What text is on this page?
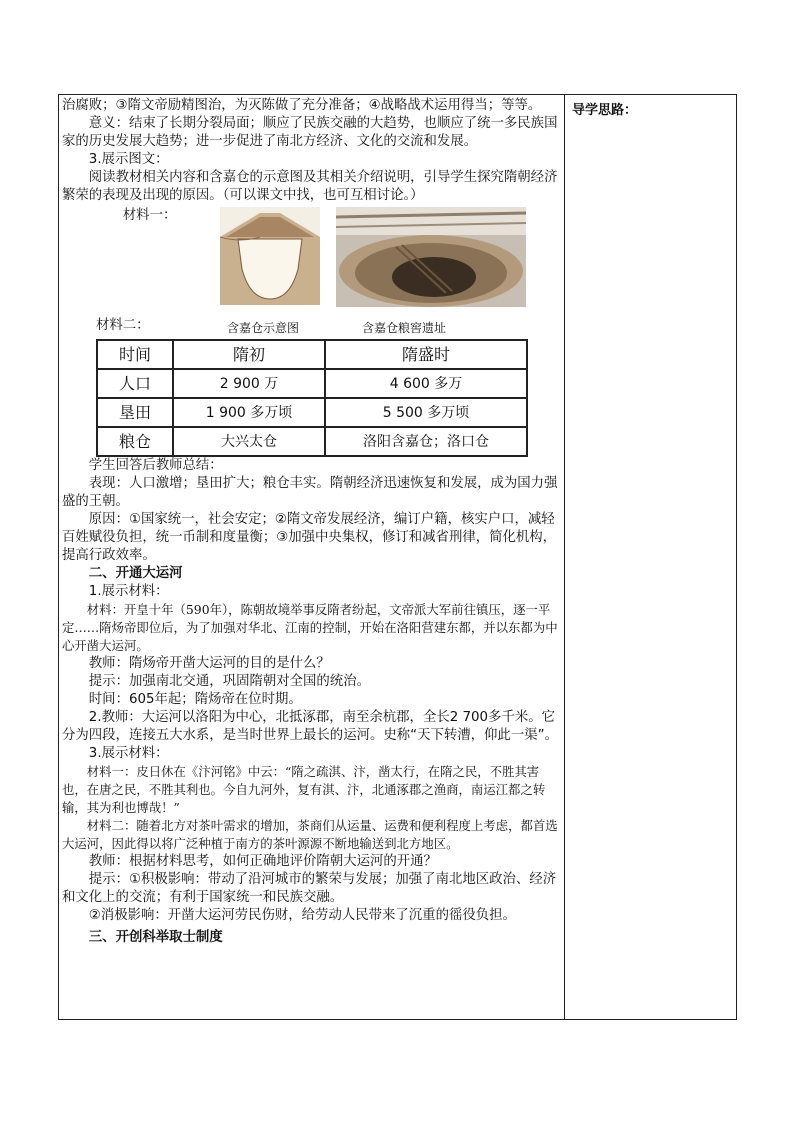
导学思路：

治腐败；③隋文帝励精图治，为灭陈做了充分准备；④战略战术运用得当；等等。

意义：结束了长期分裂局面；顺应了民族交融的大趋势，也顺应了统一多民族国家的历史发展大趋势；进一步促进了南北方经济、文化的交流和发展。

3.展示图文：

阅读教材相关内容和含嘉仓的示意图及其相关介绍说明，引导学生探究隋朝经济繁荣的表现及出现的原因。（可以课文中找，也可互相讨论。）

材料一：
材料二：	含嘉仓示意图	含嘉仓粮窖遗址
时间	隋初	隋盛时
人口	2 900 万	4 600 多万
垦田	1 900 多万顷	5 500 多万顷
粮仓	大兴太仓	洛阳含嘉仓；洛口仓

学生回答后教师总结：

表现：人口激增；垦田扩大；粮仓丰实。隋朝经济迅速恢复和发展，成为国力强盛的王朝。

原因：①国家统一，社会安定；②隋文帝发展经济，编订户籍，核实户口，减轻百姓赋役负担，统一币制和度量衡；③加强中央集权，修订和减省刑律，简化机构，提高行政效率。

二、开通大运河

1.展示材料：

材料：开皇十年（590年），陈朝故境举事反隋者纷起，文帝派大军前往镇压，逐一平定……隋炀帝即位后，为了加强对华北、江南的控制，开始在洛阳营建东都，并以东都为中心开凿大运河。

教师：隋炀帝开凿大运河的目的是什么？

提示：加强南北交通，巩固隋朝对全国的统治。

时间：605年起；隋炀帝在位时期。

2.教师：大运河以洛阳为中心，北抵涿郡，南至余杭郡，全长2 700多千米。它分为四段，连接五大水系，是当时世界上最长的运河。史称“天下转漕，仰此一渠”。

3.展示材料：

材料一：皮日休在《汴河铭》中云：“隋之疏淇、汴，凿太行，在隋之民，不胜其害也，在唐之民，不胜其利也。今自九河外，复有淇、汴，北通涿郡之渔商，南运江都之转输，其为利也博哉！”

材料二：随着北方对茶叶需求的增加，茶商们从运量、运费和便利程度上考虑，都首选大运河，因此得以将广泛种植于南方的茶叶源源不断地输送到北方地区。

教师：根据材料思考，如何正确地评价隋朝大运河的开通？

提示：①积极影响：带动了沿河城市的繁荣与发展；加强了南北地区政治、经济和文化上的交流；有利于国家统一和民族交融。

②消极影响：开凿大运河劳民伤财，给劳动人民带来了沉重的徭役负担。

三、开创科举取士制度
